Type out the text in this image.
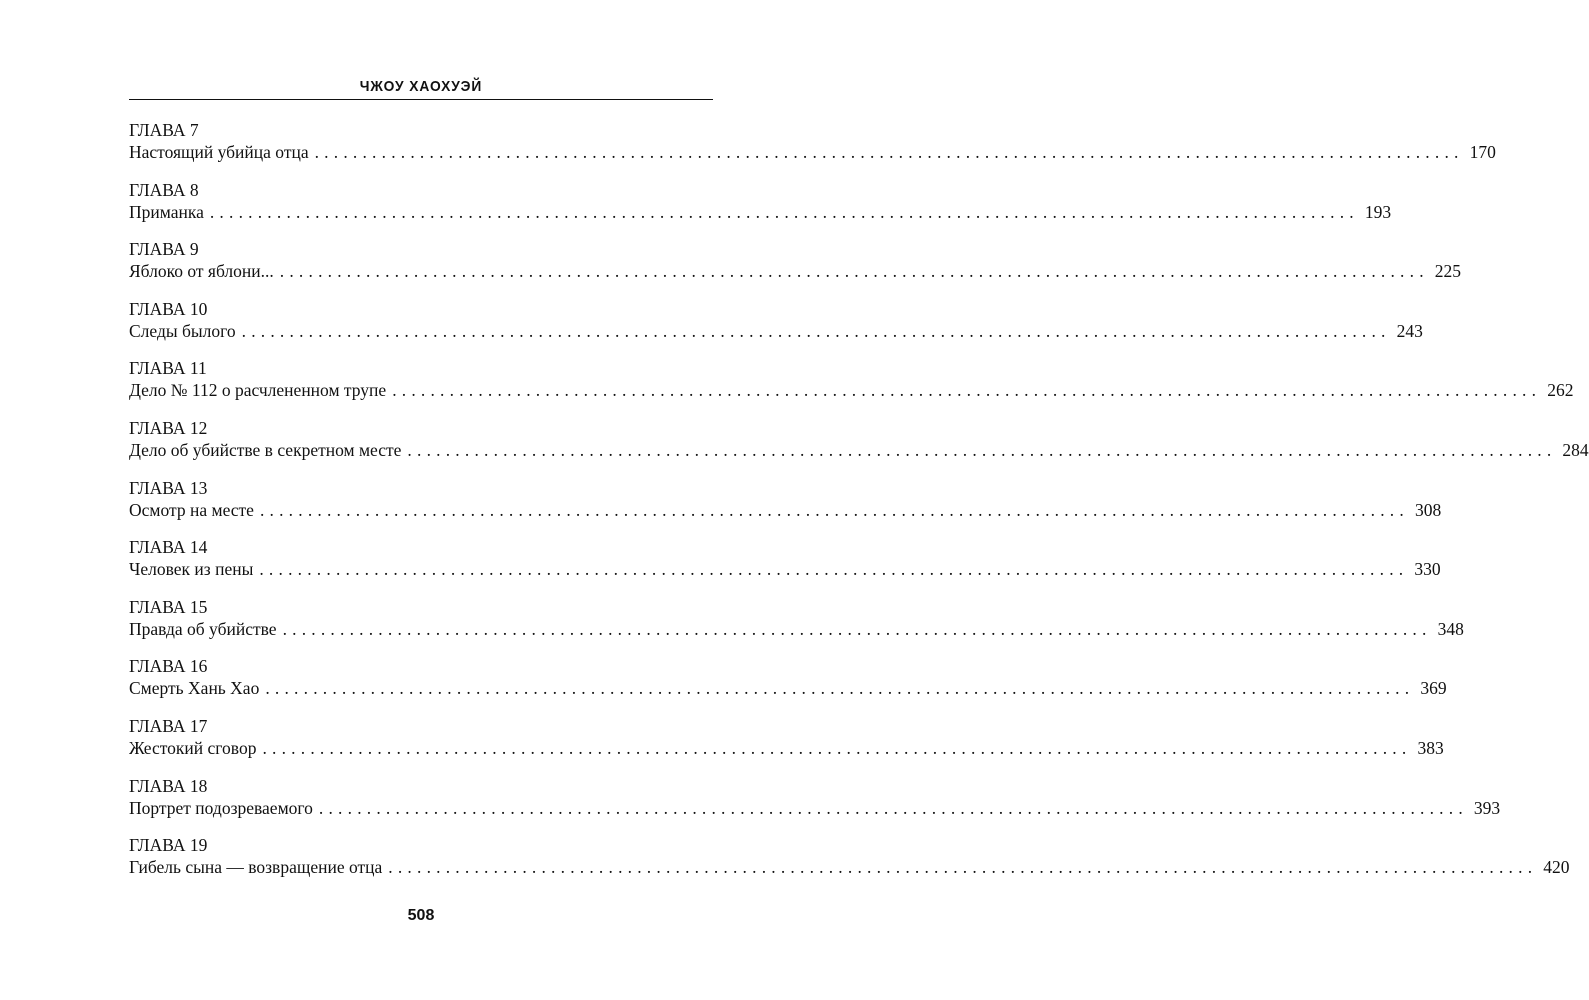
ЧЖОУ ХАОХУЭЙ
ГЛАВА 7
Настоящий убийца отца ........................................................................................................................ 170
ГЛАВА 8
Приманка ........................................................................................................................ 193
ГЛАВА 9
Яблоко от яблони... ........................................................................................................................ 225
ГЛАВА 10
Следы былого ........................................................................................................................ 243
ГЛАВА 11
Дело № 112 о расчлененном трупе ........................................................................................................................ 262
ГЛАВА 12
Дело об убийстве в секретном месте ........................................................................................................................ 284
ГЛАВА 13
Осмотр на месте ........................................................................................................................ 308
ГЛАВА 14
Человек из пены ........................................................................................................................ 330
ГЛАВА 15
Правда об убийстве ........................................................................................................................ 348
ГЛАВА 16
Смерть Хань Хао ........................................................................................................................ 369
ГЛАВА 17
Жестокий сговор ........................................................................................................................ 383
ГЛАВА 18
Портрет подозреваемого ........................................................................................................................ 393
ГЛАВА 19
Гибель сына — возвращение отца ........................................................................................................................ 420
508
